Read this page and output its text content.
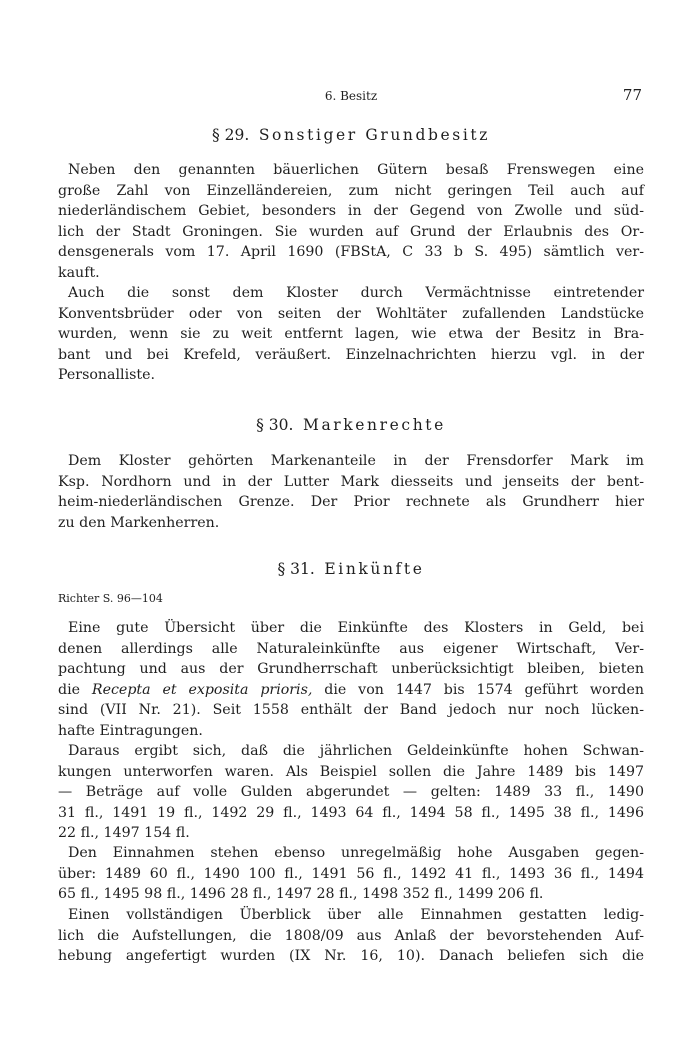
6. Besitz	77
§ 29. Sonstiger Grundbesitz
Neben den genannten bäuerlichen Gütern besaß Frenswegen eine
große Zahl von Einzelländereien, zum nicht geringen Teil auch auf
niederländischem Gebiet, besonders in der Gegend von Zwolle und süd-
lich der Stadt Groningen. Sie wurden auf Grund der Erlaubnis des Or-
densgenerals vom 17. April 1690 (FBStA, C 33 b S. 495) sämtlich ver-
kauft.
Auch die sonst dem Kloster durch Vermächtnisse eintretender
Konventsbrüder oder von seiten der Wohltäter zufallenden Landstücke
wurden, wenn sie zu weit entfernt lagen, wie etwa der Besitz in Bra-
bant und bei Krefeld, veräußert. Einzelnachrichten hierzu vgl. in der
Personalliste.
§ 30. Markenrechte
Dem Kloster gehörten Markenanteile in der Frensdorfer Mark im
Ksp. Nordhorn und in der Lutter Mark diesseits und jenseits der bent-
heim-niederländischen Grenze. Der Prior rechnete als Grundherr hier
zu den Markenherren.
§ 31. Einkünfte
Richter S. 96—104
Eine gute Übersicht über die Einkünfte des Klosters in Geld, bei
denen allerdings alle Naturaleinkünfte aus eigener Wirtschaft, Ver-
pachtung und aus der Grundherrschaft unberücksichtigt bleiben, bieten
die Recepta et exposita prioris, die von 1447 bis 1574 geführt worden
sind (VII Nr. 21). Seit 1558 enthält der Band jedoch nur noch lücken-
hafte Eintragungen.
Daraus ergibt sich, daß die jährlichen Geldeinkünfte hohen Schwan-
kungen unterworfen waren. Als Beispiel sollen die Jahre 1489 bis 1497
— Beträge auf volle Gulden abgerundet — gelten: 1489 33 fl., 1490
31 fl., 1491 19 fl., 1492 29 fl., 1493 64 fl., 1494 58 fl., 1495 38 fl., 1496
22 fl., 1497 154 fl.
Den Einnahmen stehen ebenso unregelmäßig hohe Ausgaben gegen-
über: 1489 60 fl., 1490 100 fl., 1491 56 fl., 1492 41 fl., 1493 36 fl., 1494
65 fl., 1495 98 fl., 1496 28 fl., 1497 28 fl., 1498 352 fl., 1499 206 fl.
Einen vollständigen Überblick über alle Einnahmen gestatten ledig-
lich die Aufstellungen, die 1808/09 aus Anlaß der bevorstehenden Auf-
hebung angefertigt wurden (IX Nr. 16, 10). Danach beliefen sich die
